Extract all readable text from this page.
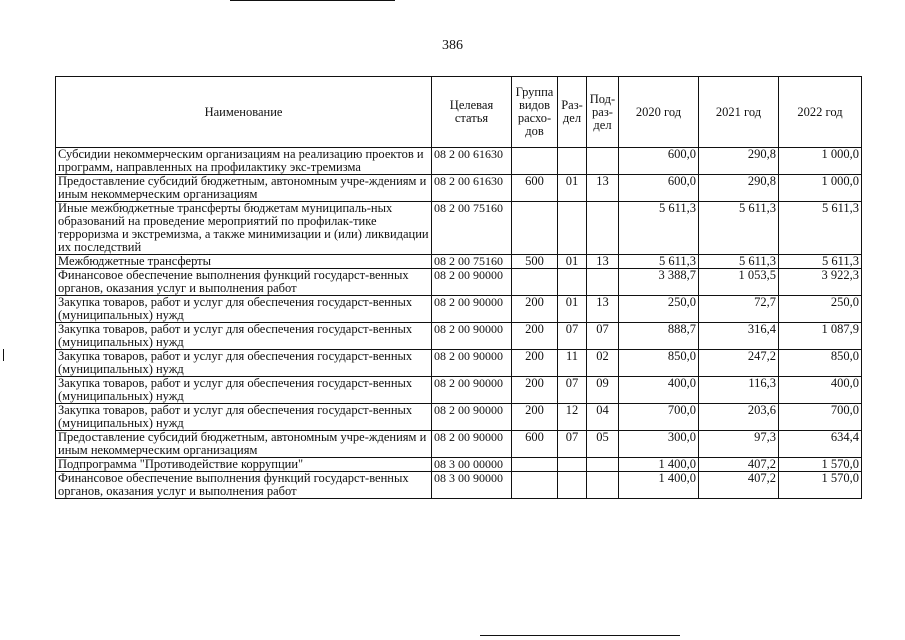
386
Наименование	Целевая статья	Группа видов расхо-дов	Раз-дел	Под-раз-дел	2020 год	2021 год	2022 год
Субсидии некоммерческим организациям на реализацию проектов и программ, направленных на профилактику экс-тремизма	08 2 00 61630				600,0	290,8	1 000,0
Предоставление субсидий бюджетным, автономным учре-ждениям и иным некоммерческим организациям	08 2 00 61630	600	01	13	600,0	290,8	1 000,0
Иные межбюджетные трансферты бюджетам муниципаль-ных образований на проведение мероприятий по профилак-тике терроризма и экстремизма, а также минимизации и (или) ликвидации их последствий	08 2 00 75160				5 611,3	5 611,3	5 611,3
Межбюджетные трансферты	08 2 00 75160	500	01	13	5 611,3	5 611,3	5 611,3
Финансовое обеспечение выполнения функций государст-венных органов, оказания услуг и выполнения работ	08 2 00 90000				3 388,7	1 053,5	3 922,3
Закупка товаров, работ и услуг для обеспечения государст-венных (муниципальных) нужд	08 2 00 90000	200	01	13	250,0	72,7	250,0
Закупка товаров, работ и услуг для обеспечения государст-венных (муниципальных) нужд	08 2 00 90000	200	07	07	888,7	316,4	1 087,9
Закупка товаров, работ и услуг для обеспечения государст-венных (муниципальных) нужд	08 2 00 90000	200	11	02	850,0	247,2	850,0
Закупка товаров, работ и услуг для обеспечения государст-венных (муниципальных) нужд	08 2 00 90000	200	07	09	400,0	116,3	400,0
Закупка товаров, работ и услуг для обеспечения государст-венных (муниципальных) нужд	08 2 00 90000	200	12	04	700,0	203,6	700,0
Предоставление субсидий бюджетным, автономным учре-ждениям и иным некоммерческим организациям	08 2 00 90000	600	07	05	300,0	97,3	634,4
Подпрограмма "Противодействие коррупции"	08 3 00 00000				1 400,0	407,2	1 570,0
Финансовое обеспечение выполнения функций государст-венных органов, оказания услуг и выполнения работ	08 3 00 90000				1 400,0	407,2	1 570,0
